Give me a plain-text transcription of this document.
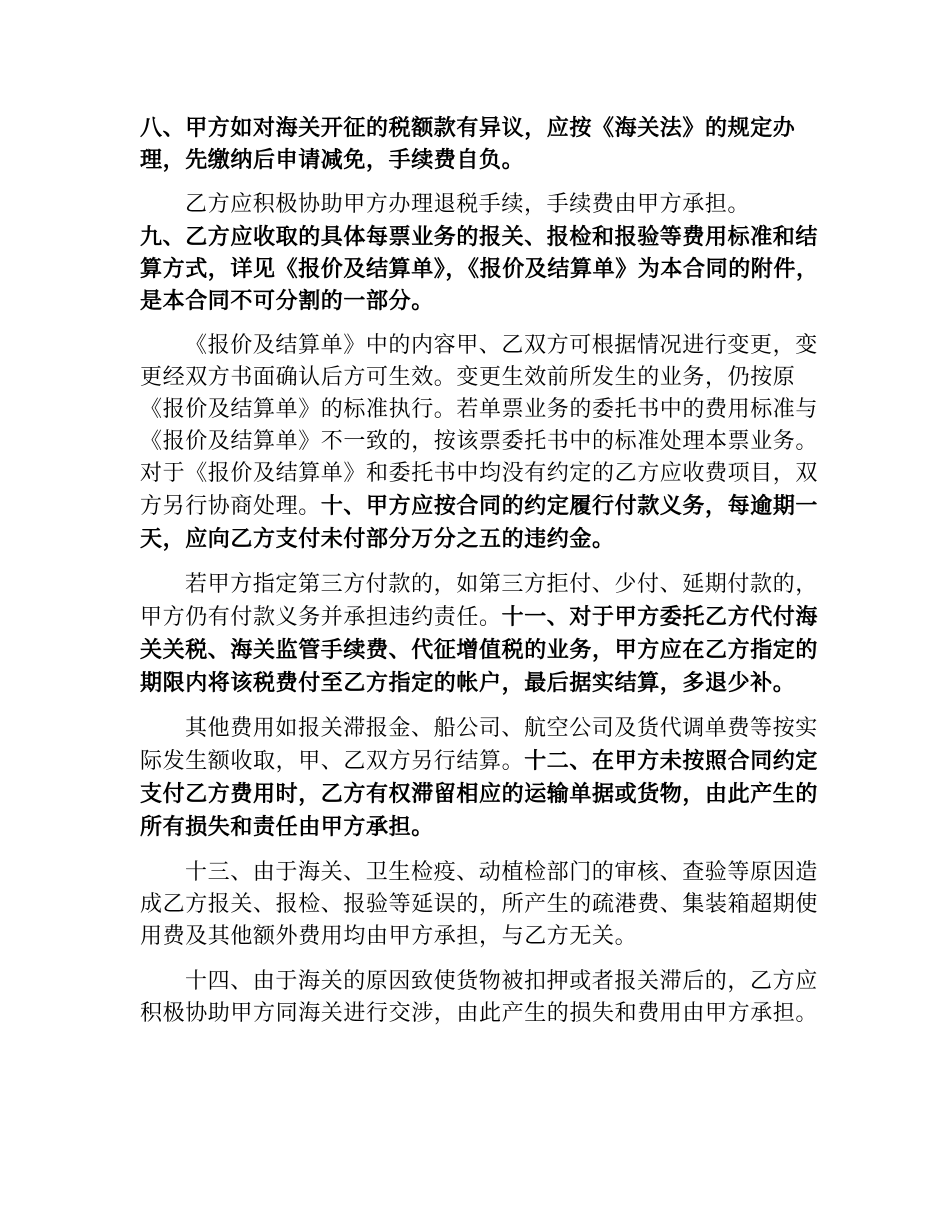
八、甲方如对海关开征的税额款有异议，应按《海关法》的规定办理，先缴纳后申请减免，手续费自负。

乙方应积极协助甲方办理退税手续，手续费由甲方承担。

九、乙方应收取的具体每票业务的报关、报检和报验等费用标准和结算方式，详见《报价及结算单》，《报价及结算单》为本合同的附件，是本合同不可分割的一部分。

《报价及结算单》中的内容甲、乙双方可根据情况进行变更，变更经双方书面确认后方可生效。变更生效前所发生的业务，仍按原《报价及结算单》的标准执行。若单票业务的委托书中的费用标准与《报价及结算单》不一致的，按该票委托书中的标准处理本票业务。对于《报价及结算单》和委托书中均没有约定的乙方应收费项目，双方另行协商处理。十、甲方应按合同的约定履行付款义务，每逾期一天，应向乙方支付未付部分万分之五的违约金。

若甲方指定第三方付款的，如第三方拒付、少付、延期付款的，甲方仍有付款义务并承担违约责任。十一、对于甲方委托乙方代付海关关税、海关监管手续费、代征增值税的业务，甲方应在乙方指定的期限内将该税费付至乙方指定的帐户，最后据实结算，多退少补。

其他费用如报关滞报金、船公司、航空公司及货代调单费等按实际发生额收取，甲、乙双方另行结算。十二、在甲方未按照合同约定支付乙方费用时，乙方有权滞留相应的运输单据或货物，由此产生的所有损失和责任由甲方承担。

十三、由于海关、卫生检疫、动植检部门的审核、查验等原因造成乙方报关、报检、报验等延误的，所产生的疏港费、集装箱超期使用费及其他额外费用均由甲方承担，与乙方无关。

十四、由于海关的原因致使货物被扣押或者报关滞后的，乙方应积极协助甲方同海关进行交涉，由此产生的损失和费用由甲方承担。
